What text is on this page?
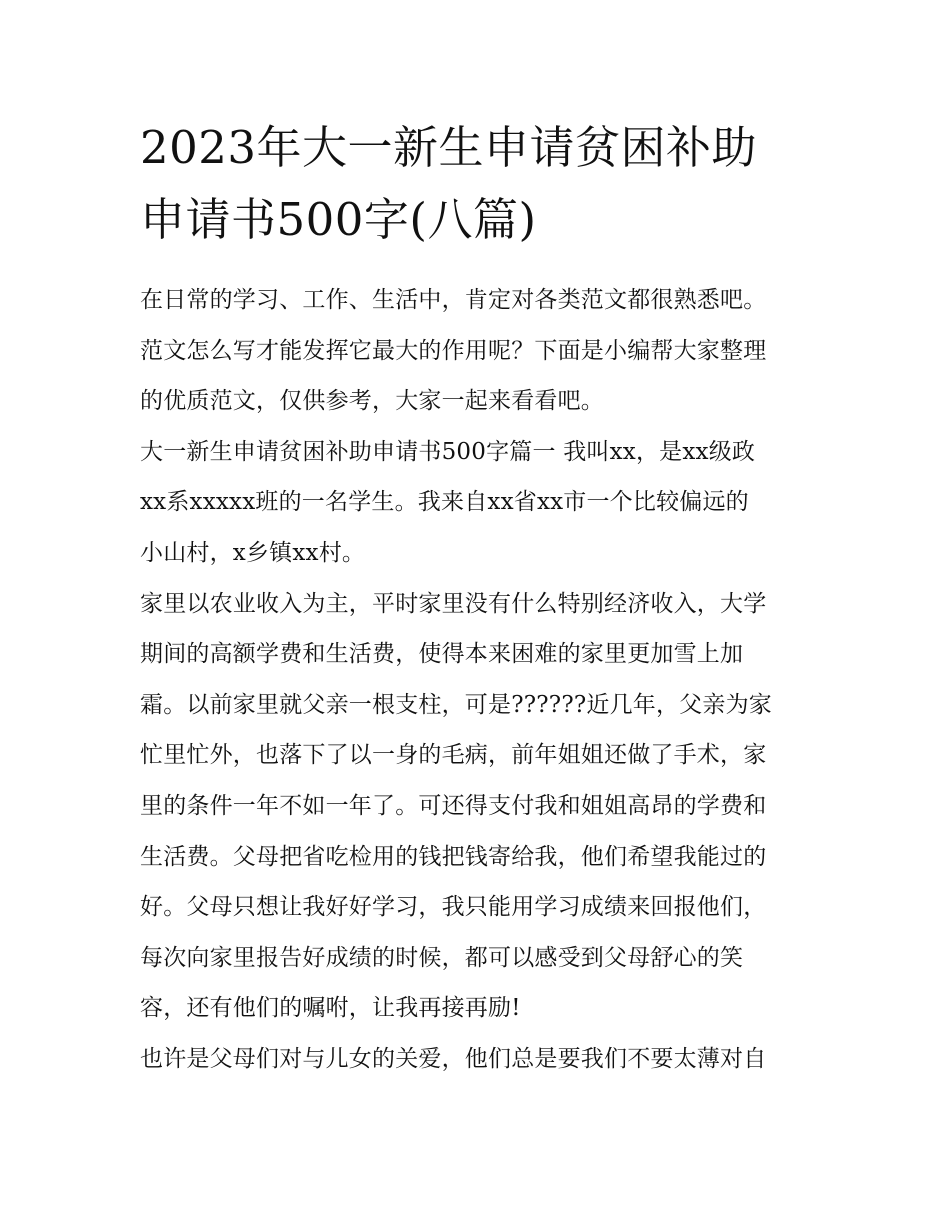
2023年大一新生申请贫困补助
申请书500字(八篇)
在日常的学习、工作、生活中，肯定对各类范文都很熟悉吧。
范文怎么写才能发挥它最大的作用呢？下面是小编帮大家整理
的优质范文，仅供参考，大家一起来看看吧。
大一新生申请贫困补助申请书500字篇一 我叫xx，是xx级政
xx系xxxxx班的一名学生。我来自xx省xx市一个比较偏远的
小山村，x乡镇xx村。
家里以农业收入为主，平时家里没有什么特别经济收入，大学
期间的高额学费和生活费，使得本来困难的家里更加雪上加
霜。以前家里就父亲一根支柱，可是??????近几年，父亲为家
忙里忙外，也落下了以一身的毛病，前年姐姐还做了手术，家
里的条件一年不如一年了。可还得支付我和姐姐高昂的学费和
生活费。父母把省吃检用的钱把钱寄给我，他们希望我能过的
好。父母只想让我好好学习，我只能用学习成绩来回报他们，
每次向家里报告好成绩的时候，都可以感受到父母舒心的笑
容，还有他们的嘱咐，让我再接再励!
也许是父母们对与儿女的关爱，他们总是要我们不要太薄对自
